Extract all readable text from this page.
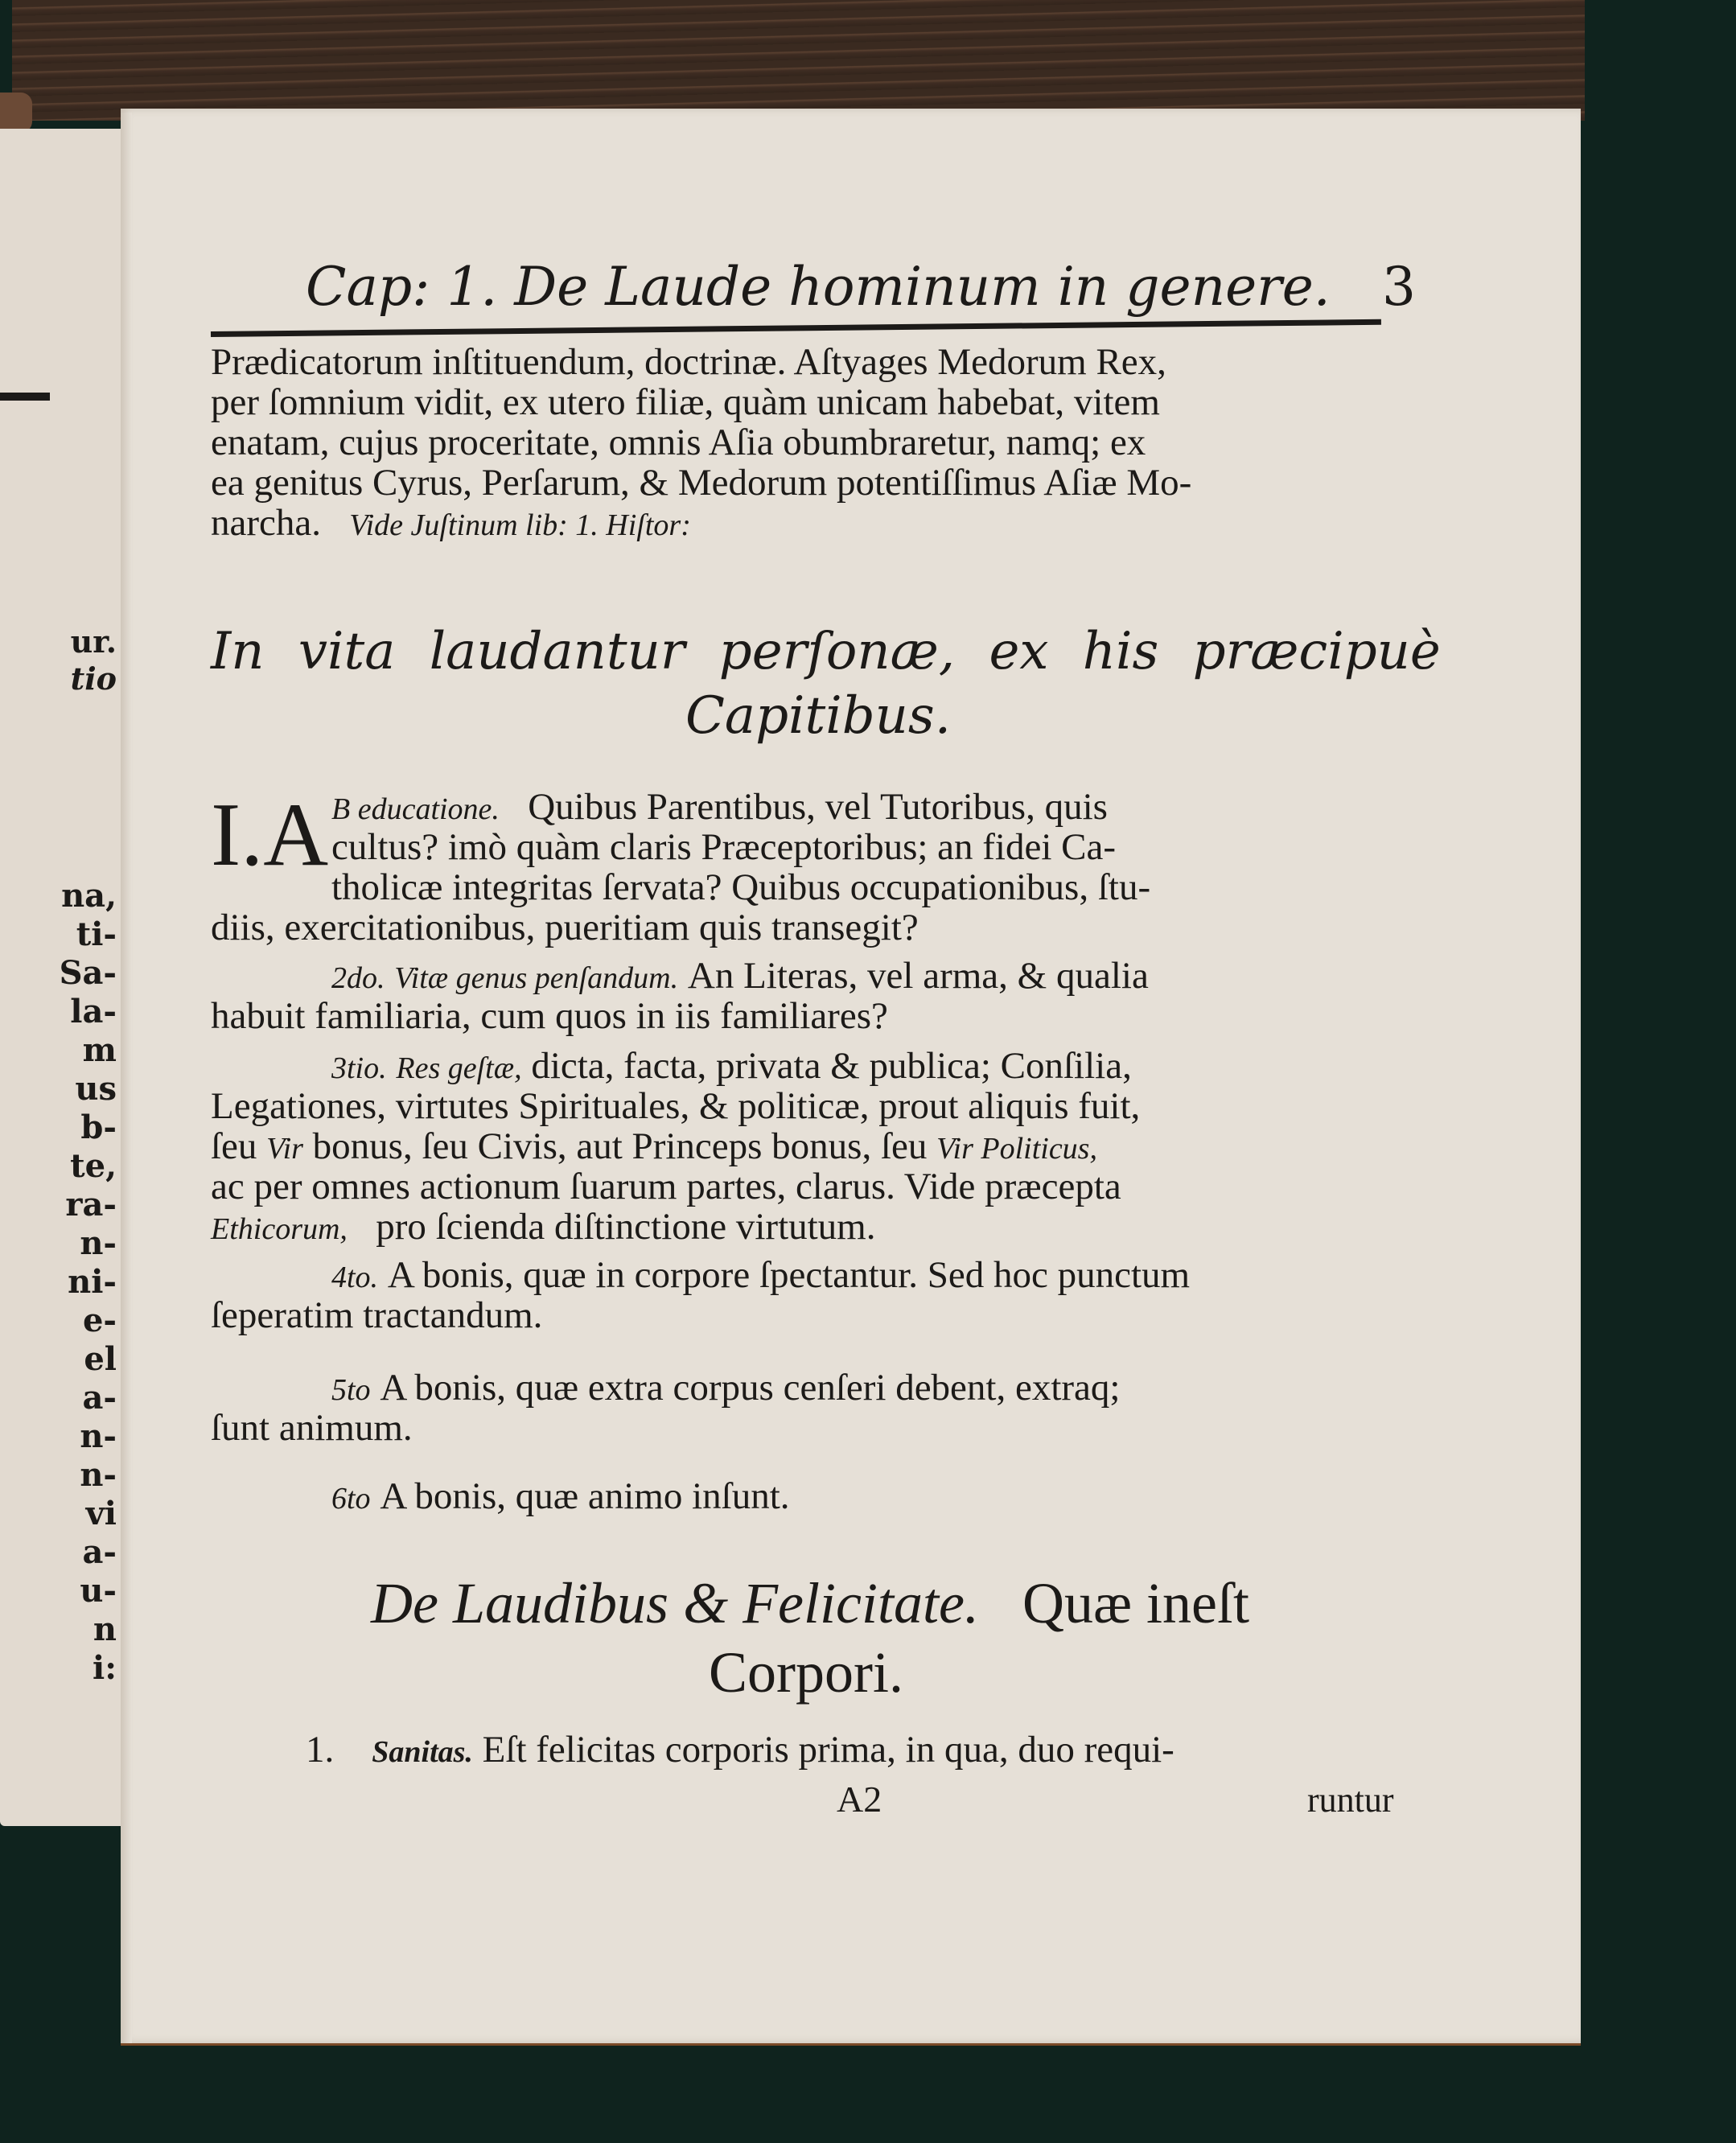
ur.
tio
na,
ti-
Sa-
la-
m
us
b-
te,
ra-
n-
ni-
e-
el
a-
n-
n-
vi
a-
u-
n
i:
Cap: 1. De Laude hominum in genere. 3
Prædicatorum inſtituendum, doctrinæ. Aſtyages Medorum Rex,
per ſomnium vidit, ex utero filiæ, quàm unicam habebat, vitem
enatam, cujus proceritate, omnis Aſia obumbraretur, namq; ex
ea genitus Cyrus, Perſarum, & Medorum potentiſſimus Aſiæ Mo-
narcha. Vide Juſtinum lib: 1. Hiſtor:
In vita laudantur perſonæ, ex his præcipuè
Capitibus.
I.A B educatione. Quibus Parentibus, vel Tutoribus, quis
cultus? imò quàm claris Præceptoribus; an fidei Ca-
tholicæ integritas ſervata? Quibus occupationibus, ſtu-
diis, exercitationibus, pueritiam quis transegit?
2do. Vitæ genus penſandum. An Literas, vel arma, & qualia
habuit familiaria, cum quos in iis familiares?
3tio. Res geſtæ, dicta, facta, privata & publica; Conſilia,
Legationes, virtutes Spirituales, & politicæ, prout aliquis fuit,
ſeu Vir bonus, ſeu Civis, aut Princeps bonus, ſeu Vir Politicus,
ac per omnes actionum ſuarum partes, clarus. Vide præcepta
Ethicorum, pro ſcienda diſtinctione virtutum.
4to. A bonis, quæ in corpore ſpectantur. Sed hoc punctum
ſeperatim tractandum.
5to A bonis, quæ extra corpus cenſeri debent, extraq;
ſunt animum.
6to A bonis, quæ animo inſunt.
De Laudibus & Felicitate. Quæ ineſt
Corpori.
1. Sanitas. Eſt felicitas corporis prima, in qua, duo requi-
A2	runtur
